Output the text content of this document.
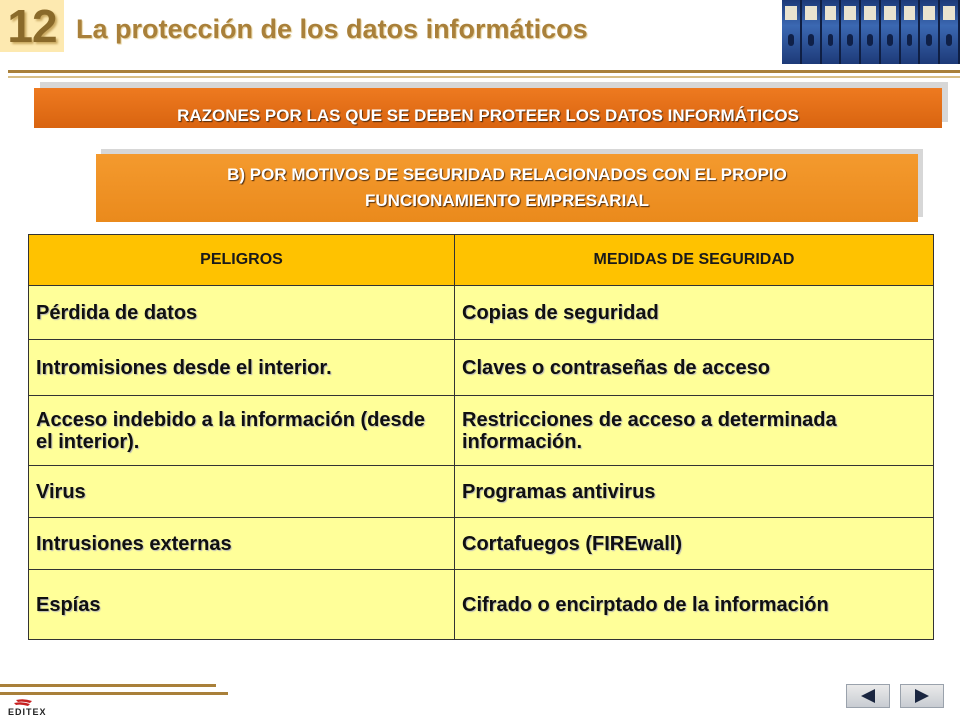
12 La protección de los datos informáticos
RAZONES POR LAS QUE SE DEBEN PROTEER LOS DATOS INFORMÁTICOS
B) POR MOTIVOS DE SEGURIDAD RELACIONADOS CON EL PROPIO
FUNCIONAMIENTO EMPRESARIAL
PELIGROS	MEDIDAS DE SEGURIDAD
Pérdida de datos	Copias de seguridad
Intromisiones desde el interior.	Claves o contraseñas de acceso
Acceso indebido a la información (desde el interior).	Restricciones de acceso a determinada información.
Virus	Programas antivirus
Intrusiones externas	Cortafuegos (FIREwall)
Espías	Cifrado o encirptado de la información
EDITEX
